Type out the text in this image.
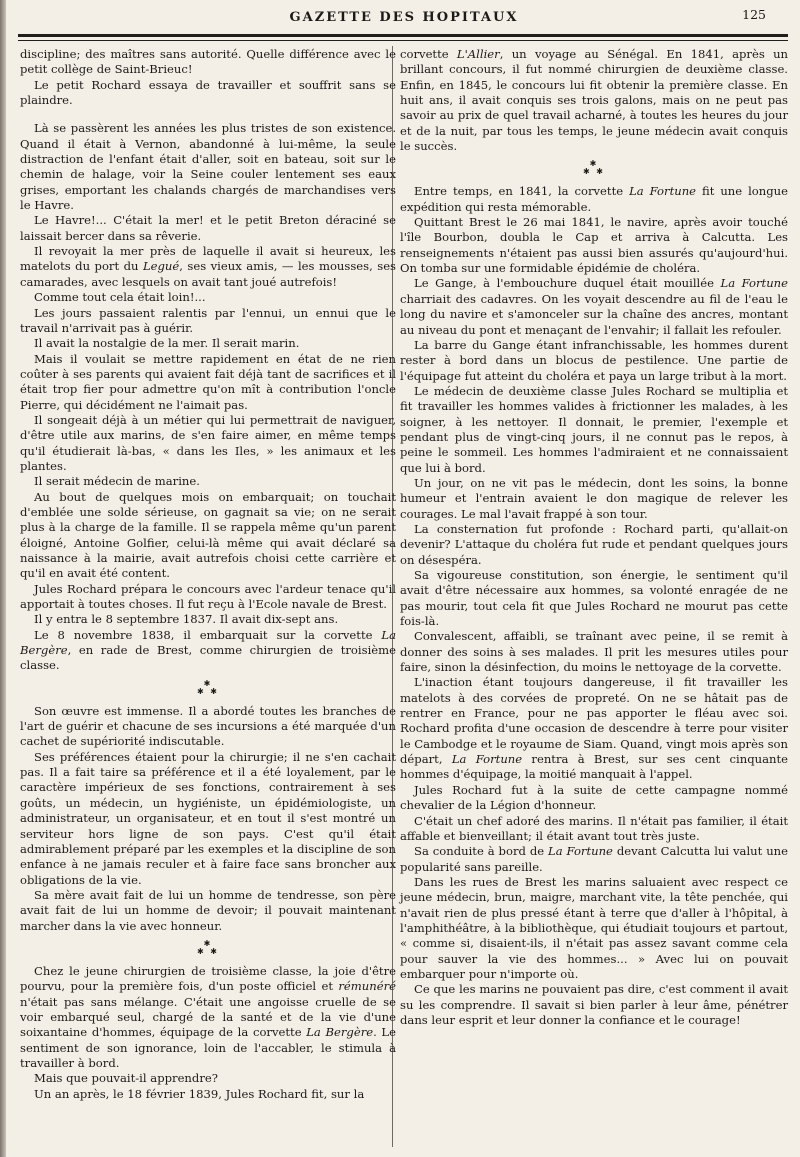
GAZETTE DES HOPITAUX	125

discipline; des maîtres sans autorité. Quelle différence avec le petit collège de Saint-Brieuc!

Le petit Rochard essaya de travailler et souffrit sans se plaindre.

Là se passèrent les années les plus tristes de son existence. Quand il était à Vernon, abandonné à lui-même, la seule distraction de l'enfant était d'aller, soit en bateau, soit sur le chemin de halage, voir la Seine couler lentement ses eaux grises, emportant les chalands chargés de marchandises vers le Havre.

Le Havre!... C'était la mer! et le petit Breton déraciné se laissait bercer dans sa rêverie.

Il revoyait la mer près de laquelle il avait si heureux, les matelots du port du Legué, ses vieux amis, — les mousses, ses camarades, avec lesquels on avait tant joué autrefois!

Comme tout cela était loin!...

Les jours passaient ralentis par l'ennui, un ennui que le travail n'arrivait pas à guérir.

Il avait la nostalgie de la mer. Il serait marin.

Mais il voulait se mettre rapidement en état de ne rien coûter à ses parents qui avaient fait déjà tant de sacrifices et il était trop fier pour admettre qu'on mît à contribution l'oncle Pierre, qui décidément ne l'aimait pas.

Il songeait déjà à un métier qui lui permettrait de naviguer, d'être utile aux marins, de s'en faire aimer, en même temps qu'il étudierait là-bas, « dans les Iles, » les animaux et les plantes.

Il serait médecin de marine.

Au bout de quelques mois on embarquait; on touchait d'emblée une solde sérieuse, on gagnait sa vie; on ne serait plus à la charge de la famille. Il se rappela même qu'un parent éloigné, Antoine Golfier, celui-là même qui avait déclaré sa naissance à la mairie, avait autrefois choisi cette carrière et qu'il en avait été content.

Jules Rochard prépara le concours avec l'ardeur tenace qu'il apportait à toutes choses. Il fut reçu à l'Ecole navale de Brest.

Il y entra le 8 septembre 1837. Il avait dix-sept ans.

Le 8 novembre 1838, il embarquait sur la corvette La Bergère, en rade de Brest, comme chirurgien de troisième classe.

✱
✱ ✱

Son œuvre est immense. Il a abordé toutes les branches de l'art de guérir et chacune de ses incursions a été marquée d'un cachet de supériorité indiscutable.

Ses préférences étaient pour la chirurgie; il ne s'en cachait pas. Il a fait taire sa préférence et il a été loyalement, par le caractère impérieux de ses fonctions, contrairement à ses goûts, un médecin, un hygiéniste, un épidémiologiste, un administrateur, un organisateur, et en tout il s'est montré un serviteur hors ligne de son pays. C'est qu'il était admirablement préparé par les exemples et la discipline de son enfance à ne jamais reculer et à faire face sans broncher aux obligations de la vie.

Sa mère avait fait de lui un homme de tendresse, son père avait fait de lui un homme de devoir; il pouvait maintenant marcher dans la vie avec honneur.

✱
✱ ✱

Chez le jeune chirurgien de troisième classe, la joie d'être pourvu, pour la première fois, d'un poste officiel et rémunéré n'était pas sans mélange. C'était une angoisse cruelle de se voir embarqué seul, chargé de la santé et de la vie d'une soixantaine d'hommes, équipage de la corvette La Bergère. Le sentiment de son ignorance, loin de l'accabler, le stimula à travailler à bord.

Mais que pouvait-il apprendre?

Un an après, le 18 février 1839, Jules Rochard fit, sur la

corvette L'Allier, un voyage au Sénégal. En 1841, après un brillant concours, il fut nommé chirurgien de deuxième classe. Enfin, en 1845, le concours lui fit obtenir la première classe. En huit ans, il avait conquis ses trois galons, mais on ne peut pas savoir au prix de quel travail acharné, à toutes les heures du jour et de la nuit, par tous les temps, le jeune médecin avait conquis le succès.

✱
✱ ✱

Entre temps, en 1841, la corvette La Fortune fit une longue expédition qui resta mémorable.

Quittant Brest le 26 mai 1841, le navire, après avoir touché l'île Bourbon, doubla le Cap et arriva à Calcutta. Les renseignements n'étaient pas aussi bien assurés qu'aujourd'hui. On tomba sur une formidable épidémie de choléra.

Le Gange, à l'embouchure duquel était mouillée La Fortune charriait des cadavres. On les voyait descendre au fil de l'eau le long du navire et s'amonceler sur la chaîne des ancres, montant au niveau du pont et menaçant de l'envahir; il fallait les refouler.

La barre du Gange étant infranchissable, les hommes durent rester à bord dans un blocus de pestilence. Une partie de l'équipage fut atteint du choléra et paya un large tribut à la mort.

Le médecin de deuxième classe Jules Rochard se multiplia et fit travailler les hommes valides à frictionner les malades, à les soigner, à les nettoyer. Il donnait, le premier, l'exemple et pendant plus de vingt-cinq jours, il ne connut pas le repos, à peine le sommeil. Les hommes l'admiraient et ne connaissaient que lui à bord.

Un jour, on ne vit pas le médecin, dont les soins, la bonne humeur et l'entrain avaient le don magique de relever les courages. Le mal l'avait frappé à son tour.

La consternation fut profonde : Rochard parti, qu'allait-on devenir? L'attaque du choléra fut rude et pendant quelques jours on désespéra.

Sa vigoureuse constitution, son énergie, le sentiment qu'il avait d'être nécessaire aux hommes, sa volonté enragée de ne pas mourir, tout cela fit que Jules Rochard ne mourut pas cette fois-là.

Convalescent, affaibli, se traînant avec peine, il se remit à donner des soins à ses malades. Il prit les mesures utiles pour faire, sinon la désinfection, du moins le nettoyage de la corvette.

L'inaction étant toujours dangereuse, il fit travailler les matelots à des corvées de propreté. On ne se hâtait pas de rentrer en France, pour ne pas apporter le fléau avec soi. Rochard profita d'une occasion de descendre à terre pour visiter le Cambodge et le royaume de Siam. Quand, vingt mois après son départ, La Fortune rentra à Brest, sur ses cent cinquante hommes d'équipage, la moitié manquait à l'appel.

Jules Rochard fut à la suite de cette campagne nommé chevalier de la Légion d'honneur.

C'était un chef adoré des marins. Il n'était pas familier, il était affable et bienveillant; il était avant tout très juste.

Sa conduite à bord de La Fortune devant Calcutta lui valut une popularité sans pareille.

Dans les rues de Brest les marins saluaient avec respect ce jeune médecin, brun, maigre, marchant vite, la tête penchée, qui n'avait rien de plus pressé étant à terre que d'aller à l'hôpital, à l'amphithéâtre, à la bibliothèque, qui étudiait toujours et partout, « comme si, disaient-ils, il n'était pas assez savant comme cela pour sauver la vie des hommes... » Avec lui on pouvait embarquer pour n'importe où.

Ce que les marins ne pouvaient pas dire, c'est comment il avait su les comprendre. Il savait si bien parler à leur âme, pénétrer dans leur esprit et leur donner la confiance et le courage!
